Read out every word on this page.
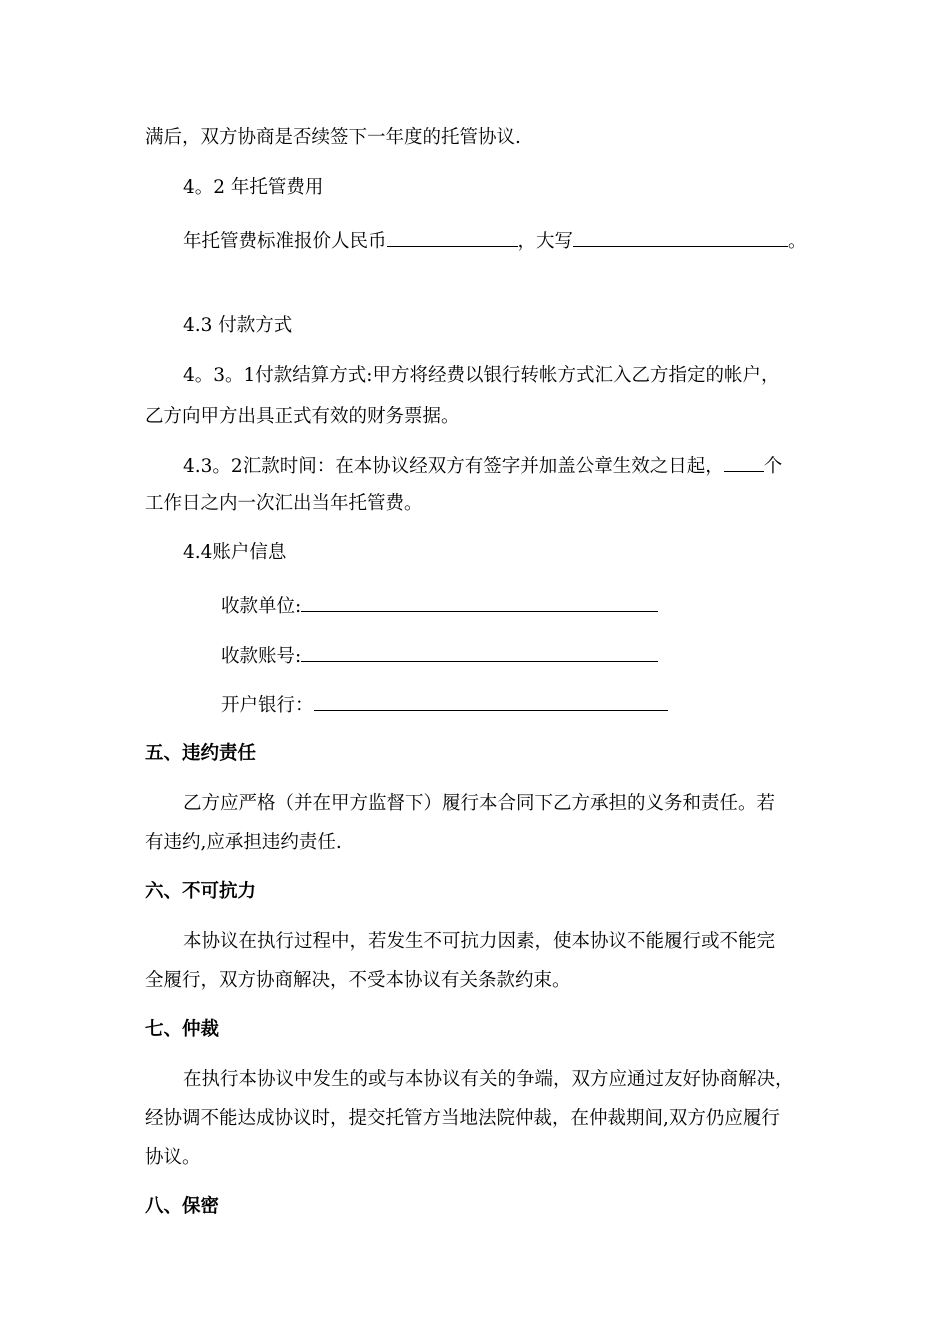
满后，双方协商是否续签下一年度的托管协议.
4。2 年托管费用
年托管费标准报价人民币	，大写	。
4.3 付款方式
4。3。1付款结算方式:甲方将经费以银行转帐方式汇入乙方指定的帐户，
乙方向甲方出具正式有效的财务票据。
4.3。2汇款时间：在本协议经双方有签字并加盖公章生效之日起， 个
工作日之内一次汇出当年托管费。
4.4账户信息
收款单位:
收款账号:
开户银行：
五、违约责任
乙方应严格（并在甲方监督下）履行本合同下乙方承担的义务和责任。若
有违约,应承担违约责任.
六、不可抗力
本协议在执行过程中，若发生不可抗力因素，使本协议不能履行或不能完
全履行，双方协商解决，不受本协议有关条款约束。
七、仲裁
在执行本协议中发生的或与本协议有关的争端，双方应通过友好协商解决，
经协调不能达成协议时，提交托管方当地法院仲裁，在仲裁期间,双方仍应履行
协议。
八、保密
